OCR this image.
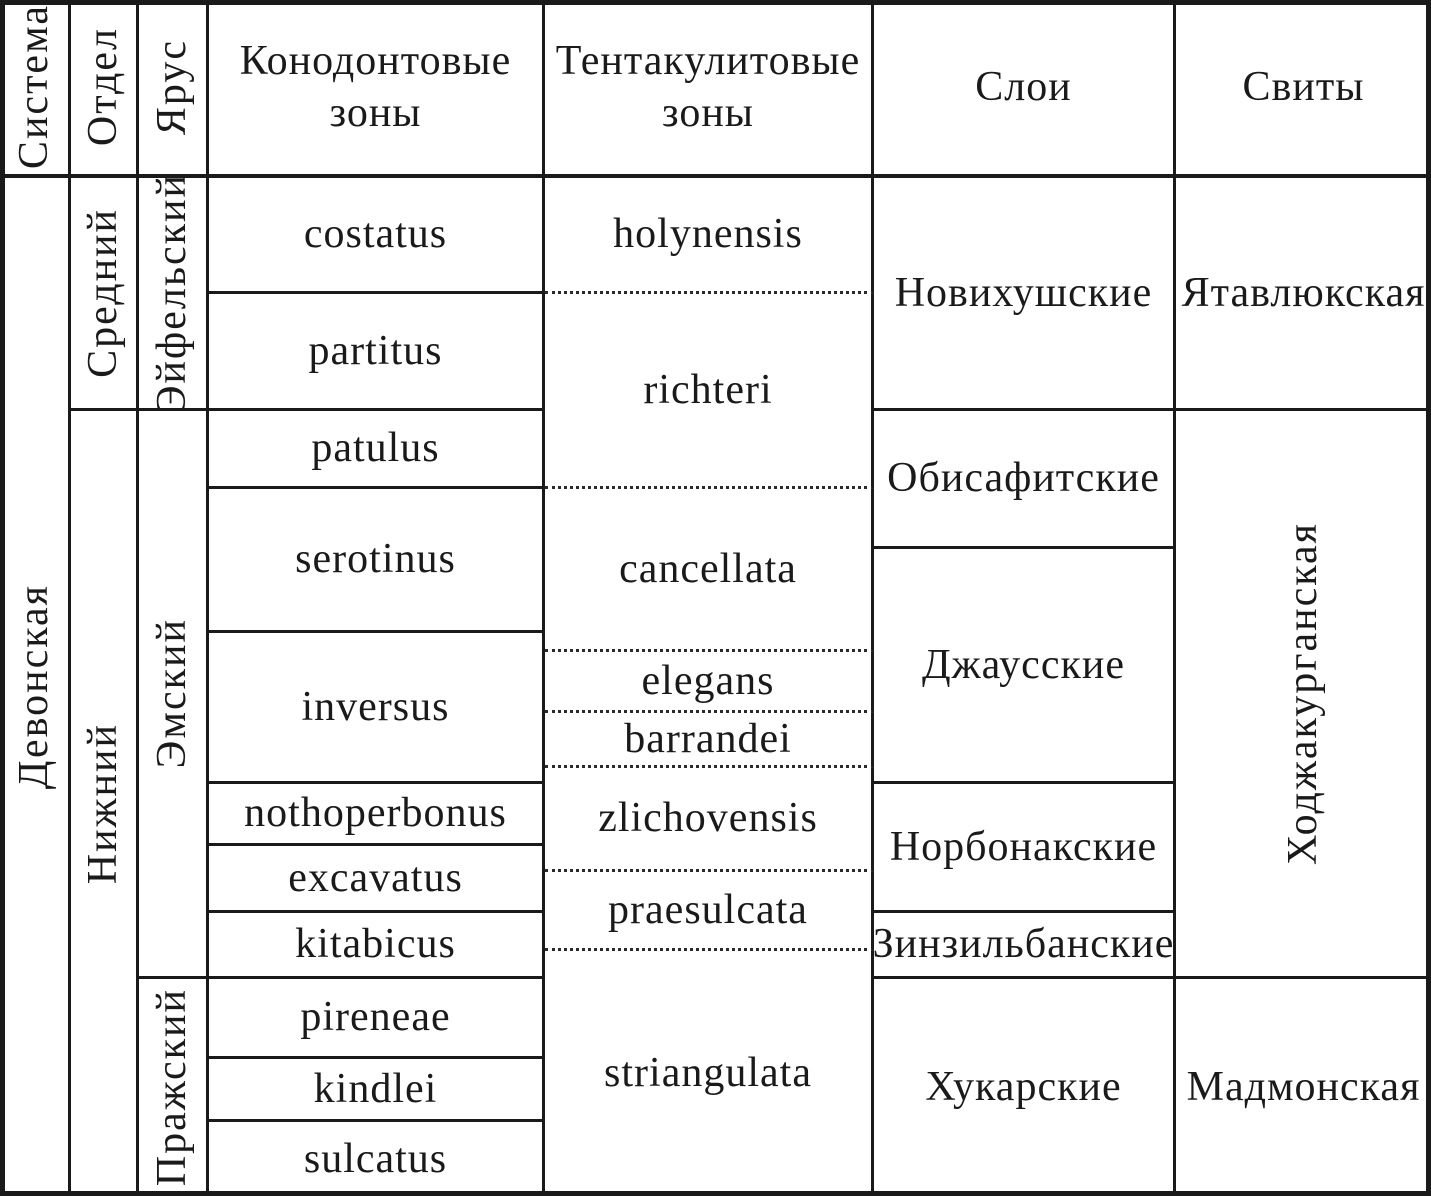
Система Отдел Ярус	Конодонтовые зоны
Тентакулитовые зоны
Слои	Свиты
Девонская
Средний
Нижний
Эйфельский
Эмский
Пражский
costatus
partitus
patulus
serotinus
inversus
nothoperbonus
excavatus
kitabicus
pireneae
kindlei
sulcatus
holynensis
richteri
cancellata
elegans
barrandei
zlichovensis
praesulcata
striangulata
Новихушские
Обисафитские
Джаусские
Норбонакские
Зинзильбанские
Хукарские
Ятавлюкская
Ходжакурганская
Мадмонская
